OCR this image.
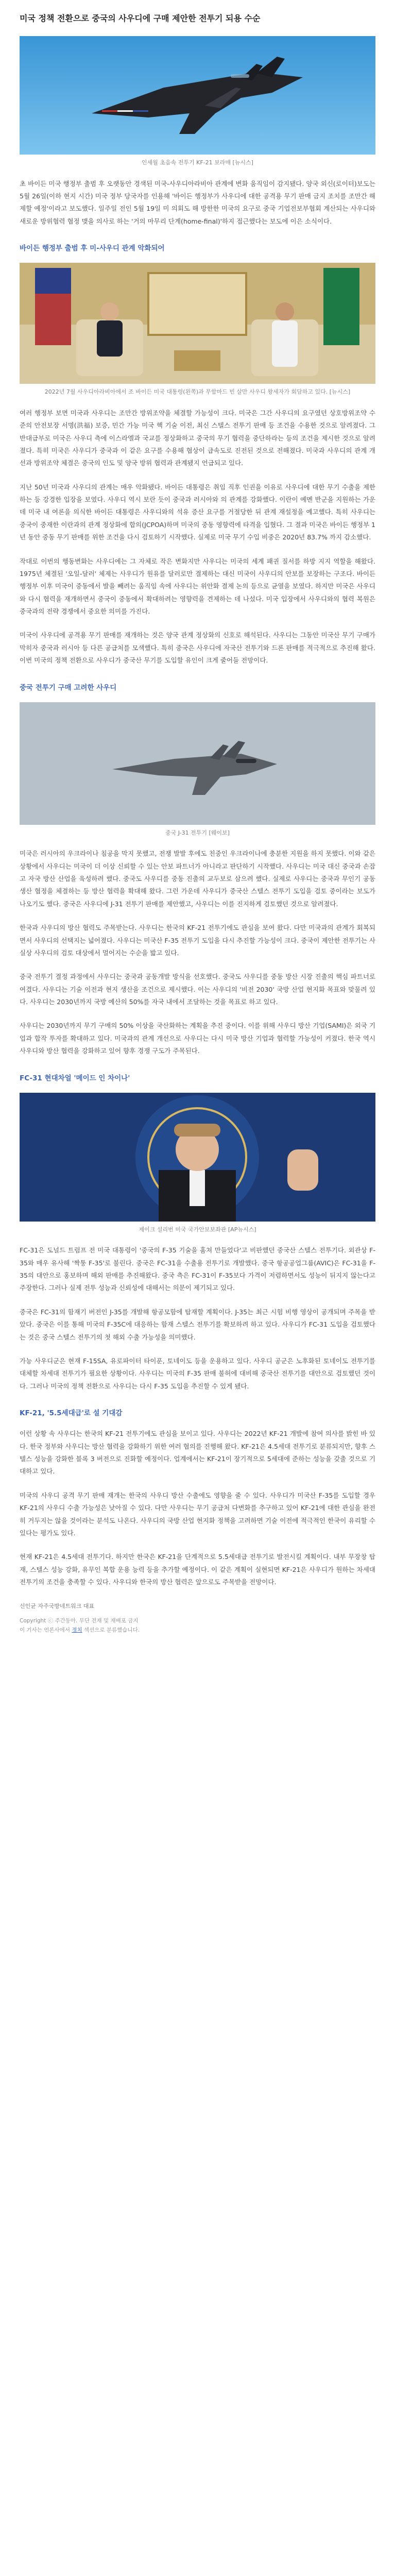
미국 정책 전환으로 중국의 사우디에 구매 제안한 전투기 되용 수순
인세월 초음속 전투기 KF-21 보라매 [뉴시스]

초 바이든 미국 행정부 출범 후 오랫동안 경색된 미국-사우디아라비아 관계에 변화 움직임이 감지됐다. 양국 외신(로이터)보도는 5월 26일(이하 현지 시간) 미국 정부 당국자를 인용해 '바이든 행정부가 사우디에 대한 공격용 무기 판매 금지 조치를 조만간 해제할 예정'이라고 보도했다. 일주일 전인 5월 19일 미 의회도 해 방한한 미국의 요구로 중국 기업전보부협회 계산되는 사우디와 새로운 방위협력 협정 맺을 의사로 하는 '거의 마무리 단계(home-final)'하지 접근했다는 보도에 이은 소식이다.

바이든 행정부 출범 후 미-사우디 관계 악화되어
2022년 7월 사우디아라비아에서 조 바이든 미국 대통령(왼쪽)과 무함마드 빈 살만 사우디 왕세자가 회담하고 있다. [뉴시스]

여러 행정부 보면 미국과 사우디는 조만간 방위조약을 체결할 가능성이 크다. 미국은 그간 사우디의 요구였던 상호방위조약 수준의 안전보장 서명(洪福) 보증, 민간 가능 미국 핵 기술 이전, 최신 스텔스 전투기 판매 등 조건을 수용한 것으로 알려졌다. 그 반대급부로 미국은 사우디 측에 이스라엘과 국교를 정상화하고 중국의 무기 협력을 중단하라는 등의 조건을 제시한 것으로 알려졌다. 특히 미국은 사우디가 중국과 이 같은 요구를 수용해 협상이 급속도로 진전된 것으로 전해졌다. 미국과 사우디의 관계 개선과 방위조약 체결은 중국의 인도 및 양국 방위 협력과 관계됐지 언급되고 있다.

지난 50년 미국과 사우디의 관계는 매우 악화됐다. 바이든 대통령은 취임 직후 인권을 이유로 사우디에 대한 무기 수출을 제한하는 등 강경한 입장을 보였다. 사우디 역시 보란 듯이 중국과 러시아와 의 관계를 강화했다. 이란이 예멘 반군을 지원하는 가운데 미국 내 여론을 의식한 바이든 대통령은 사우디와의 석유 증산 요구를 거절당한 뒤 관계 재설정을 예고했다. 특히 사우디는 중국이 중재한 이란과의 관계 정상화에 합의(JCPOA)하며 미국의 중동 영향력에 타격을 입혔다. 그 결과 미국은 바이든 행정부 1년 동안 중동 무기 판매를 위한 조건을 다시 검토하기 시작했다. 실제로 미국 무기 수입 비중은 2020년 83.7% 까지 감소했다.

작대로 이번의 행동변화는 사우디에는 그 자체로 작은 변화지만 사우디는 미국의 세계 패권 질서를 하방 지지 역할을 해왔다. 1975년 체결된 '오일-달러' 체제는 사우디가 원유를 달러로만 결제하는 대신 미국이 사우디의 안보를 보장하는 구조다. 바이든 행정부 이후 미국이 중동에서 발을 빼려는 움직임 속에 사우디는 위안화 결제 논의 등으로 균열을 보였다. 하지만 미국은 사우디와 다시 협력을 재개하면서 중국이 중동에서 확대하려는 영향력을 견제하는 데 나섰다. 미국 입장에서 사우디와의 협력 복원은 중국과의 전략 경쟁에서 중요한 의미를 가진다.

미국이 사우디에 공격용 무기 판매를 재개하는 것은 양국 관계 정상화의 신호로 해석된다. 사우디는 그동안 미국산 무기 구매가 막히자 중국과 러시아 등 다른 공급처를 모색했다. 특히 중국은 사우디에 자국산 전투기와 드론 판매를 적극적으로 추진해 왔다. 이번 미국의 정책 전환으로 사우디가 중국산 무기를 도입할 유인이 크게 줄어들 전망이다.

중국 전투기 구매 고려한 사우디
중국 J-31 전투기 [웨이보]

미국은 러시아의 우크라이나 침공을 막지 못했고, 전쟁 발발 후에도 친중인 우크라이나에 충분한 지원을 하지 못했다. 이와 같은 상황에서 사우디는 미국이 더 이상 신뢰할 수 있는 안보 파트너가 아니라고 판단하기 시작했다. 사우디는 미국 대신 중국과 손잡고 자국 방산 산업을 육성하려 했다. 중국도 사우디를 중동 진출의 교두보로 삼으려 했다. 실제로 사우디는 중국과 무인기 공동 생산 협정을 체결하는 등 방산 협력을 확대해 왔다. 그런 가운데 사우디가 중국산 스텔스 전투기 도입을 검토 중이라는 보도가 나오기도 했다. 중국은 사우디에 J-31 전투기 판매를 제안했고, 사우디는 이를 진지하게 검토했던 것으로 알려졌다.

한국과 사우디의 방산 협력도 주목받는다. 사우디는 한국의 KF-21 전투기에도 관심을 보여 왔다. 다만 미국과의 관계가 회복되면서 사우디의 선택지는 넓어졌다. 사우디는 미국산 F-35 전투기 도입을 다시 추진할 가능성이 크다. 중국이 제안한 전투기는 사실상 사우디의 검토 대상에서 멀어지는 수순을 밟고 있다.

중국 전투기 결정 과정에서 사우디는 중국과 공동개발 방식을 선호했다. 중국도 사우디를 중동 방산 시장 진출의 핵심 파트너로 여겼다. 사우디는 기술 이전과 현지 생산을 조건으로 제시했다. 이는 사우디의 '비전 2030' 국방 산업 현지화 목표와 맞물려 있다. 사우디는 2030년까지 국방 예산의 50%를 자국 내에서 조달하는 것을 목표로 하고 있다.

사우디는 2030년까지 무기 구매의 50% 이상을 국산화하는 계획을 추진 중이다. 이를 위해 사우디 방산 기업(SAMI)은 외국 기업과 합작 투자를 확대하고 있다. 미국과의 관계 개선으로 사우디는 다시 미국 방산 기업과 협력할 가능성이 커졌다. 한국 역시 사우디와 방산 협력을 강화하고 있어 향후 경쟁 구도가 주목된다.

FC-31 현대차얼 '메이드 인 차이나'
제이크 설리번 미국 국가안보보좌관 [AP뉴시스]

FC-31은 도널드 트럼프 전 미국 대통령이 '중국의 F-35 기술을 훔쳐 만들었다'고 비판했던 중국산 스텔스 전투기다. 외관상 F-35와 매우 유사해 '짝퉁 F-35'로 불린다. 중국은 FC-31을 수출용 전투기로 개발했다. 중국 항공공업그룹(AVIC)은 FC-31을 F-35의 대안으로 홍보하며 해외 판매를 추진해왔다. 중국 측은 FC-31이 F-35보다 가격이 저렴하면서도 성능이 뒤지지 않는다고 주장한다. 그러나 실제 전투 성능과 신뢰성에 대해서는 의문이 제기되고 있다.

중국은 FC-31의 함재기 버전인 J-35를 개발해 항공모함에 탑재할 계획이다. J-35는 최근 시험 비행 영상이 공개되며 주목을 받았다. 중국은 이를 통해 미국의 F-35C에 대응하는 함재 스텔스 전투기를 확보하려 하고 있다. 사우디가 FC-31 도입을 검토했다는 것은 중국 스텔스 전투기의 첫 해외 수출 가능성을 의미했다.

가능 사우디군은 현재 F-15SA, 유로파이터 타이푼, 토네이도 등을 운용하고 있다. 사우디 공군은 노후화된 토네이도 전투기를 대체할 차세대 전투기가 필요한 상황이다. 사우디는 미국의 F-35 판매 불허에 대비해 중국산 전투기를 대안으로 검토했던 것이다. 그러나 미국의 정책 전환으로 사우디는 다시 F-35 도입을 추진할 수 있게 됐다.

KF-21, '5.5세대급'로 설 기대감

이런 상황 속 사우디는 한국의 KF-21 전투기에도 관심을 보이고 있다. 사우디는 2022년 KF-21 개발에 참여 의사를 밝힌 바 있다. 한국 정부와 사우디는 방산 협력을 강화하기 위한 여러 협의를 진행해 왔다. KF-21은 4.5세대 전투기로 분류되지만, 향후 스텔스 성능을 강화한 블록 3 버전으로 진화할 예정이다. 업계에서는 KF-21이 장기적으로 5세대에 준하는 성능을 갖출 것으로 기대하고 있다.

미국의 사우디 공격 무기 판매 재개는 한국의 사우디 방산 수출에도 영향을 줄 수 있다. 사우디가 미국산 F-35를 도입할 경우 KF-21의 사우디 수출 가능성은 낮아질 수 있다. 다만 사우디는 무기 공급처 다변화를 추구하고 있어 KF-21에 대한 관심을 완전히 거두지는 않을 것이라는 분석도 나온다. 사우디의 국방 산업 현지화 정책을 고려하면 기술 이전에 적극적인 한국이 유리할 수 있다는 평가도 있다.

현재 KF-21은 4.5세대 전투기다. 하지만 한국은 KF-21을 단계적으로 5.5세대급 전투기로 발전시킬 계획이다. 내부 무장창 탑재, 스텔스 성능 강화, 유무인 복합 운용 능력 등을 추가할 예정이다. 이 같은 계획이 실현되면 KF-21은 사우디가 원하는 차세대 전투기의 조건을 충족할 수 있다. 사우디와 한국의 방산 협력은 앞으로도 주목받을 전망이다.

신인균 자주국방네트워크 대표
Copyright ⓒ 주간동아. 무단 전재 및 재배포 금지
이 기사는 언론사에서 정치 섹션으로 분류했습니다.
